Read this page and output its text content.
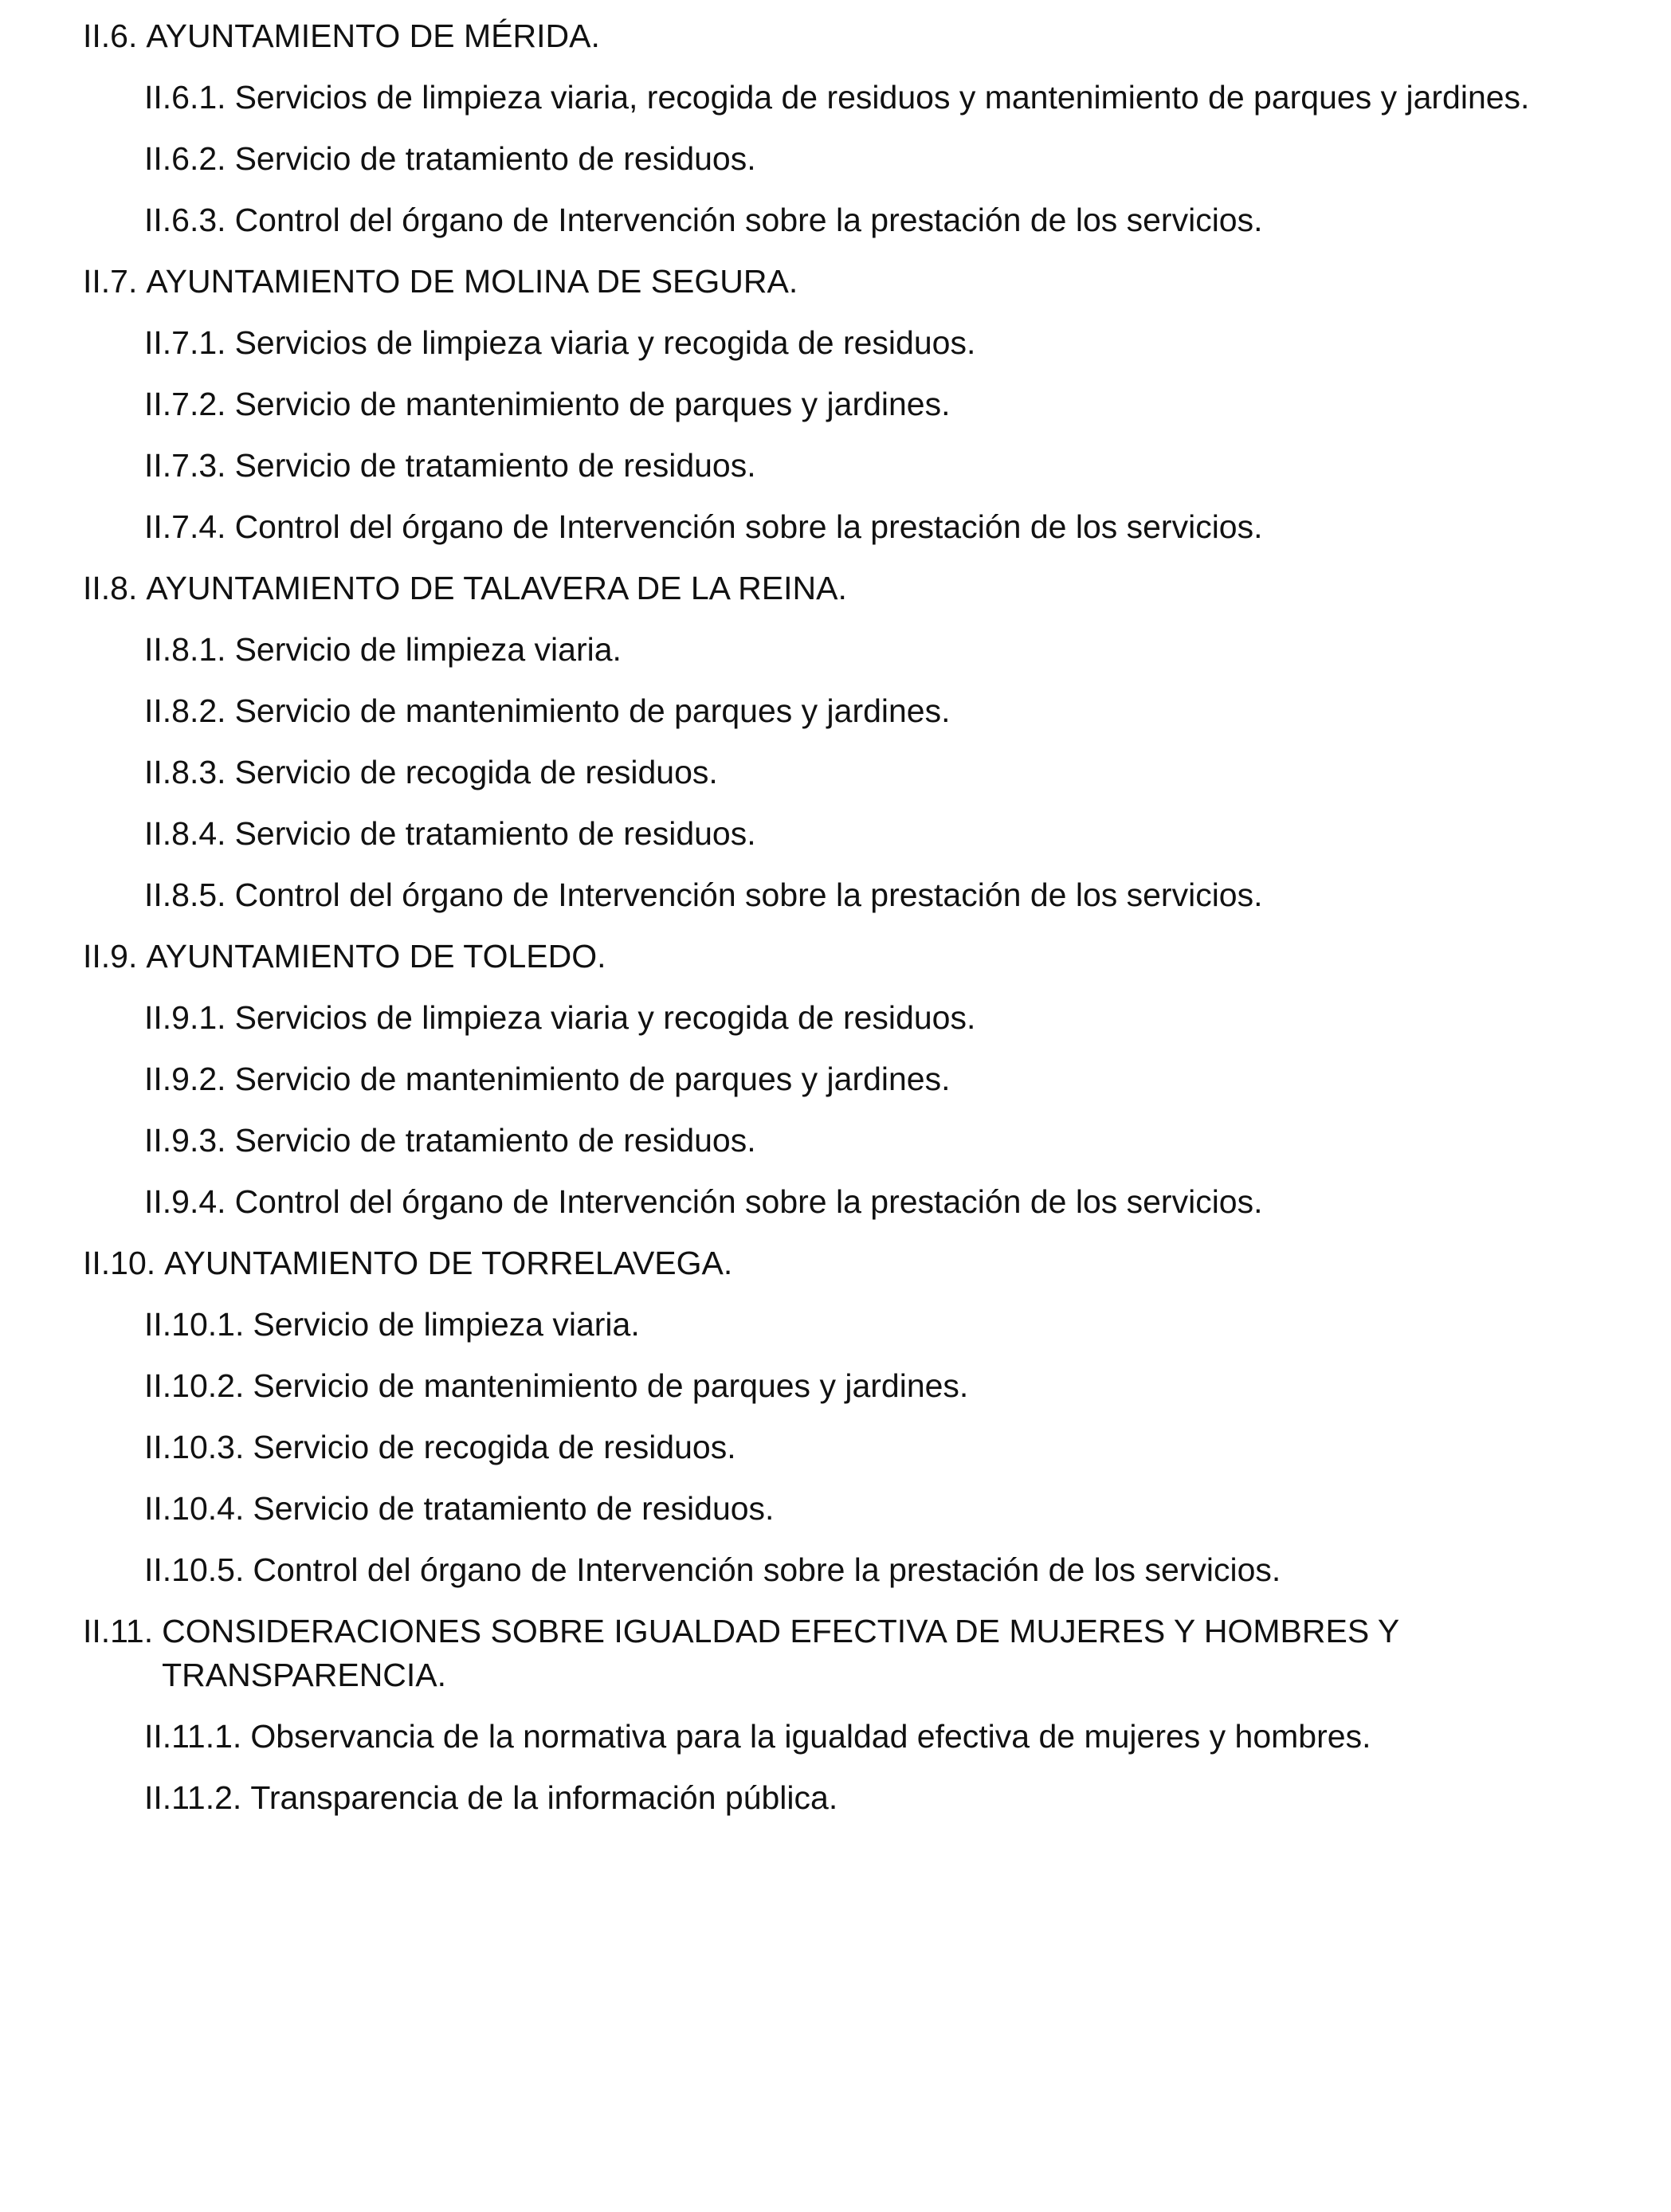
II.6. AYUNTAMIENTO DE MÉRIDA.
II.6.1. Servicios de limpieza viaria, recogida de residuos y mantenimiento de parques y jardines.
II.6.2. Servicio de tratamiento de residuos.
II.6.3. Control del órgano de Intervención sobre la prestación de los servicios.
II.7. AYUNTAMIENTO DE MOLINA DE SEGURA.
II.7.1. Servicios de limpieza viaria y recogida de residuos.
II.7.2. Servicio de mantenimiento de parques y jardines.
II.7.3. Servicio de tratamiento de residuos.
II.7.4. Control del órgano de Intervención sobre la prestación de los servicios.
II.8. AYUNTAMIENTO DE TALAVERA DE LA REINA.
II.8.1. Servicio de limpieza viaria.
II.8.2. Servicio de mantenimiento de parques y jardines.
II.8.3. Servicio de recogida de residuos.
II.8.4. Servicio de tratamiento de residuos.
II.8.5. Control del órgano de Intervención sobre la prestación de los servicios.
II.9. AYUNTAMIENTO DE TOLEDO.
II.9.1. Servicios de limpieza viaria y recogida de residuos.
II.9.2. Servicio de mantenimiento de parques y jardines.
II.9.3. Servicio de tratamiento de residuos.
II.9.4. Control del órgano de Intervención sobre la prestación de los servicios.
II.10. AYUNTAMIENTO DE TORRELAVEGA.
II.10.1. Servicio de limpieza viaria.
II.10.2. Servicio de mantenimiento de parques y jardines.
II.10.3. Servicio de recogida de residuos.
II.10.4. Servicio de tratamiento de residuos.
II.10.5. Control del órgano de Intervención sobre la prestación de los servicios.
II.11. CONSIDERACIONES SOBRE IGUALDAD EFECTIVA DE MUJERES Y HOMBRES Y TRANSPARENCIA.
II.11.1. Observancia de la normativa para la igualdad efectiva de mujeres y hombres.
II.11.2. Transparencia de la información pública.
